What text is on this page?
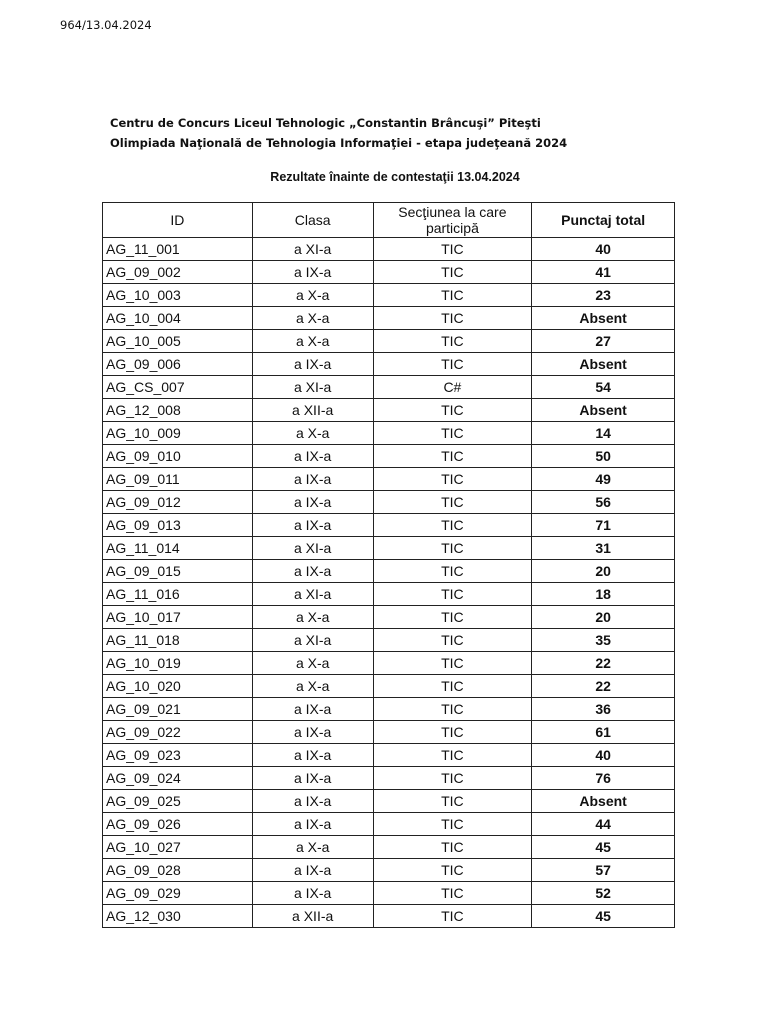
964/13.04.2024
Centru de Concurs Liceul Tehnologic „Constantin Brâncuşi” Piteşti
Olimpiada Naţională de Tehnologia Informaţiei - etapa judeţeană 2024
Rezultate înainte de contestaţii 13.04.2024
ID	Clasa	Secţiunea la care participă	Punctaj total
AG_11_001	a XI-a	TIC	40
AG_09_002	a IX-a	TIC	41
AG_10_003	a X-a	TIC	23
AG_10_004	a X-a	TIC	Absent
AG_10_005	a X-a	TIC	27
AG_09_006	a IX-a	TIC	Absent
AG_CS_007	a XI-a	C#	54
AG_12_008	a XII-a	TIC	Absent
AG_10_009	a X-a	TIC	14
AG_09_010	a IX-a	TIC	50
AG_09_011	a IX-a	TIC	49
AG_09_012	a IX-a	TIC	56
AG_09_013	a IX-a	TIC	71
AG_11_014	a XI-a	TIC	31
AG_09_015	a IX-a	TIC	20
AG_11_016	a XI-a	TIC	18
AG_10_017	a X-a	TIC	20
AG_11_018	a XI-a	TIC	35
AG_10_019	a X-a	TIC	22
AG_10_020	a X-a	TIC	22
AG_09_021	a IX-a	TIC	36
AG_09_022	a IX-a	TIC	61
AG_09_023	a IX-a	TIC	40
AG_09_024	a IX-a	TIC	76
AG_09_025	a IX-a	TIC	Absent
AG_09_026	a IX-a	TIC	44
AG_10_027	a X-a	TIC	45
AG_09_028	a IX-a	TIC	57
AG_09_029	a IX-a	TIC	52
AG_12_030	a XII-a	TIC	45
